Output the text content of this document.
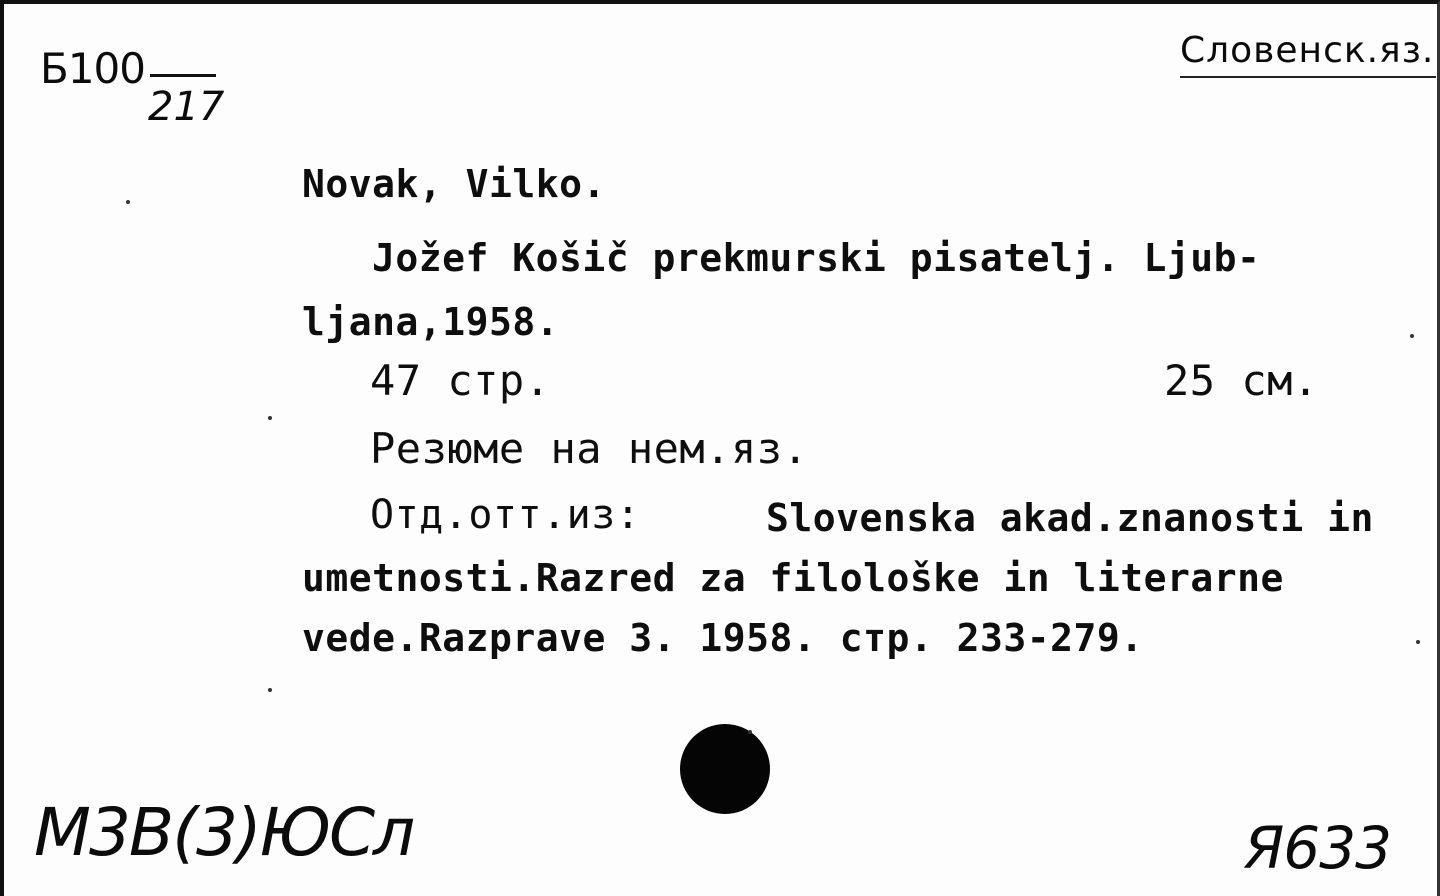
Б100
217
Словенск.яз.
Novak, Vilko.
Jožef Košič prekmurski pisatelj. Ljub-
ljana,1958.
47 стр.	25 см.
Резюме на нем.яз.
Отд.отт.из:	Slovenska akad.znanosti in
umetnosti.Razred za filološke in literarne
vede.Razprave 3. 1958. стр. 233-279.
М3В(3)ЮСл	Я633
